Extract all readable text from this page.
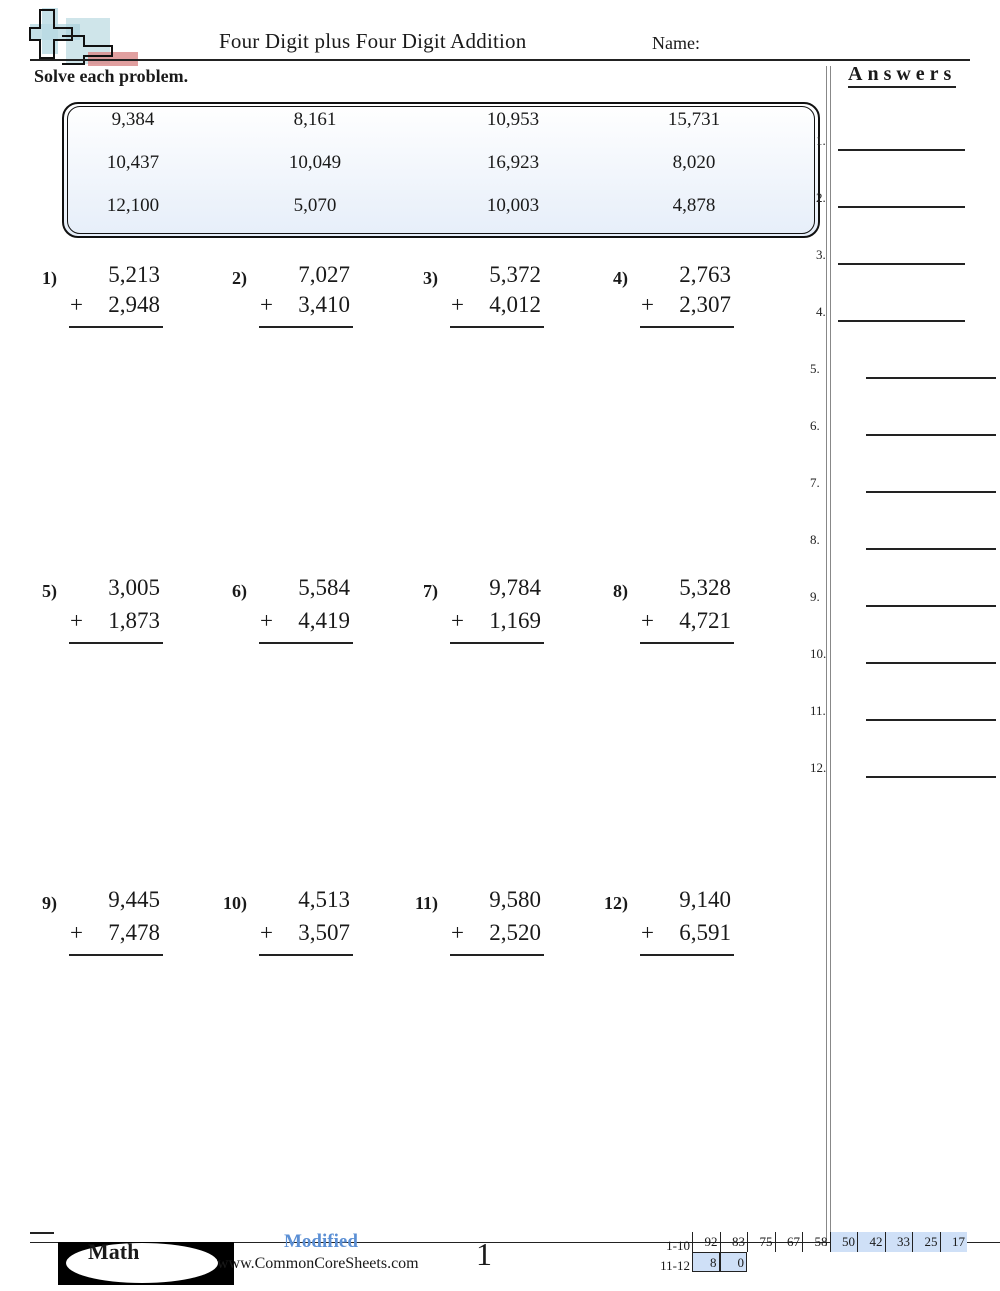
Four Digit plus Four Digit Addition	Name:
Solve each problem.	Answers
9,384	8,161	10,953	15,731
10,437	10,049	16,923	8,020
12,100	5,070	10,003	4,878
1)	5,213
+	2,948
2)	7,027
+	3,410
3)	5,372
+	4,012
4)	2,763
+	2,307
5)	3,005
+	1,873
6)	5,584
+	4,419
7)	9,784
+	1,169
8)	5,328
+	4,721
9)	9,445
+	7,478
10)	4,513
+	3,507
11)	9,580
+	2,520
12)	9,140
+	6,591
1.
2.
3.
4.
5.
6.
7.
8.
9.
10.
11.
12.
Math	Modified
www.CommonCoreSheets.com 1	1-10	92	83	75	67	58	50	42	33	25	17
11-12	8	0
